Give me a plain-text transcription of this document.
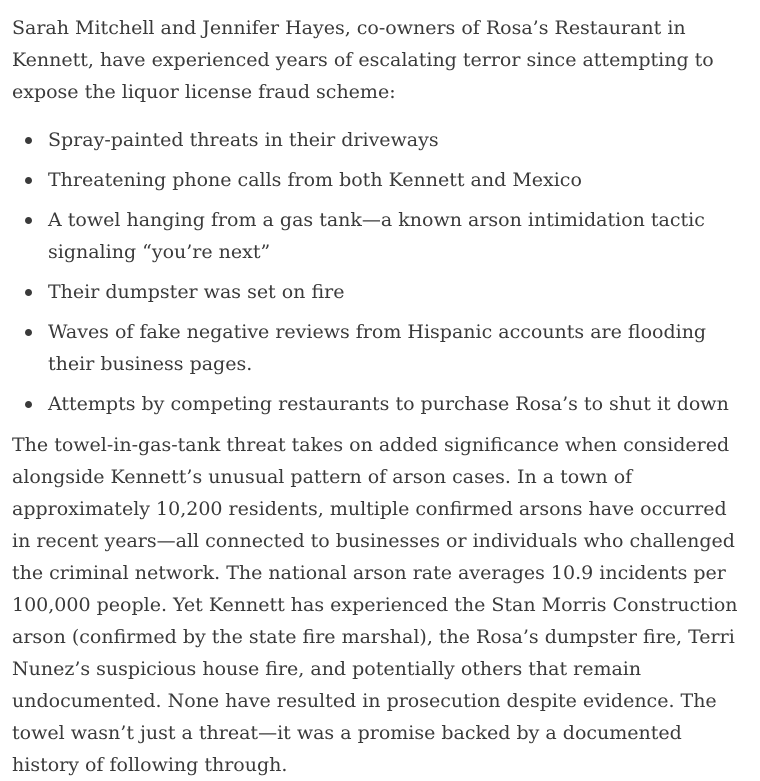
Sarah Mitchell and Jennifer Hayes, co-owners of Rosa’s Restaurant in Kennett, have experienced years of escalating terror since attempting to expose the liquor license fraud scheme:

Spray-painted threats in their driveways
Threatening phone calls from both Kennett and Mexico
A towel hanging from a gas tank—a known arson intimidation tactic signaling “you’re next”
Their dumpster was set on fire
Waves of fake negative reviews from Hispanic accounts are flooding their business pages.
Attempts by competing restaurants to purchase Rosa’s to shut it down

The towel-in-gas-tank threat takes on added significance when considered alongside Kennett’s unusual pattern of arson cases. In a town of approximately 10,200 residents, multiple confirmed arsons have occurred in recent years—all connected to businesses or individuals who challenged the criminal network. The national arson rate averages 10.9 incidents per 100,000 people. Yet Kennett has experienced the Stan Morris Construction arson (confirmed by the state fire marshal), the Rosa’s dumpster fire, Terri Nunez’s suspicious house fire, and potentially others that remain undocumented. None have resulted in prosecution despite evidence. The towel wasn’t just a threat—it was a promise backed by a documented history of following through.
